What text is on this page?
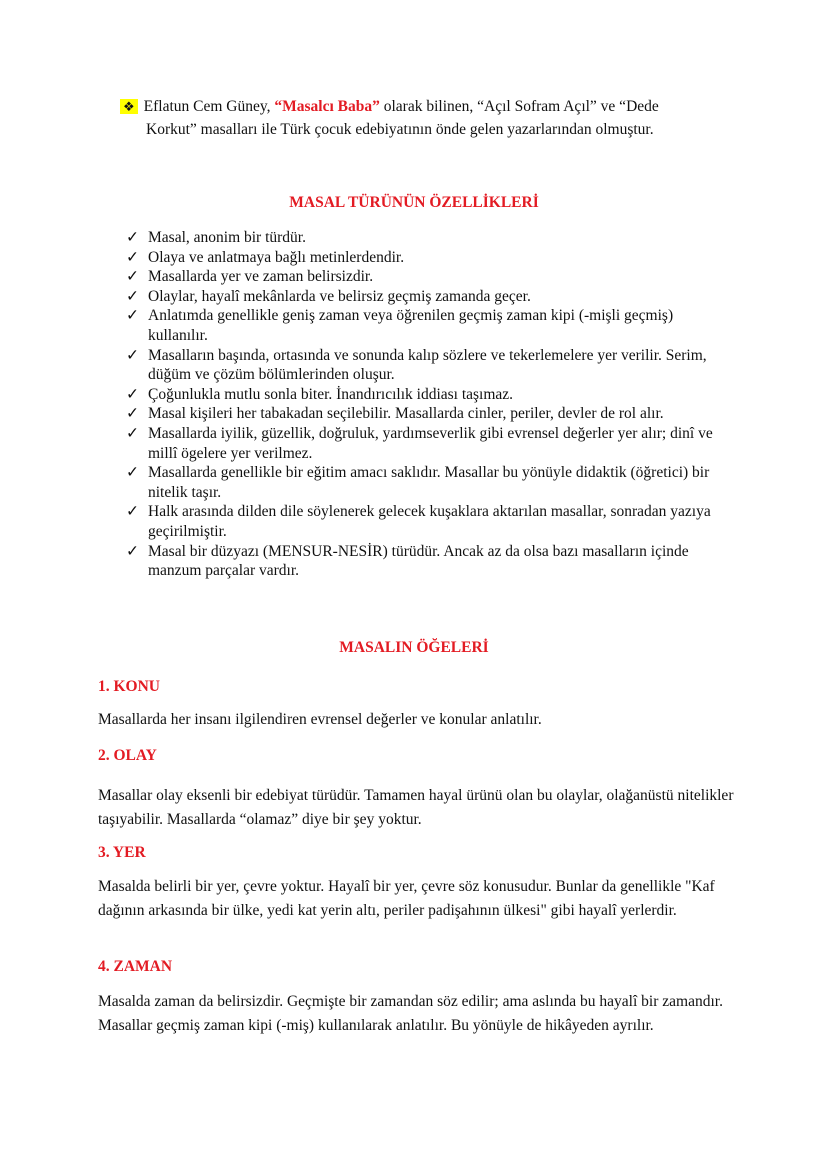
❖ Eflatun Cem Güney, “Masalcı Baba” olarak bilinen, “Açıl Sofram Açıl” ve “Dede
Korkut” masalları ile Türk çocuk edebiyatının önde gelen yazarlarından olmuştur.
MASAL TÜRÜNÜN ÖZELLİKLERİ
✓ Masal, anonim bir türdür.
✓ Olaya ve anlatmaya bağlı metinlerdendir.
✓ Masallarda yer ve zaman belirsizdir.
✓ Olaylar, hayalî mekânlarda ve belirsiz geçmiş zamanda geçer.
✓ Anlatımda genellikle geniş zaman veya öğrenilen geçmiş zaman kipi (-mişli geçmiş) kullanılır.
✓ Masalların başında, ortasında ve sonunda kalıp sözlere ve tekerlemelere yer verilir. Serim, düğüm ve çözüm bölümlerinden oluşur.
✓ Çoğunlukla mutlu sonla biter. İnandırıcılık iddiası taşımaz.
✓ Masal kişileri her tabakadan seçilebilir. Masallarda cinler, periler, devler de rol alır.
✓ Masallarda iyilik, güzellik, doğruluk, yardımseverlik gibi evrensel değerler yer alır; dinî ve millî ögelere yer verilmez.
✓ Masallarda genellikle bir eğitim amacı saklıdır. Masallar bu yönüyle didaktik (öğretici) bir nitelik taşır.
✓ Halk arasında dilden dile söylenerek gelecek kuşaklara aktarılan masallar, sonradan yazıya geçirilmiştir.
✓ Masal bir düzyazı (MENSUR-NESİR) türüdür. Ancak az da olsa bazı masalların içinde manzum parçalar vardır.
MASALIN ÖĞELERİ
1. KONU
Masallarda her insanı ilgilendiren evrensel değerler ve konular anlatılır.
2. OLAY
Masallar olay eksenli bir edebiyat türüdür. Tamamen hayal ürünü olan bu olaylar, olağanüstü nitelikler taşıyabilir. Masallarda “olamaz” diye bir şey yoktur.
3. YER
Masalda belirli bir yer, çevre yoktur. Hayalî bir yer, çevre söz konusudur. Bunlar da genellikle "Kaf dağının arkasında bir ülke, yedi kat yerin altı, periler padişahının ülkesi" gibi hayalî yerlerdir.
4. ZAMAN
Masalda zaman da belirsizdir. Geçmişte bir zamandan söz edilir; ama aslında bu hayalî bir zamandır. Masallar geçmiş zaman kipi (-miş) kullanılarak anlatılır. Bu yönüyle de hikâyeden ayrılır.
